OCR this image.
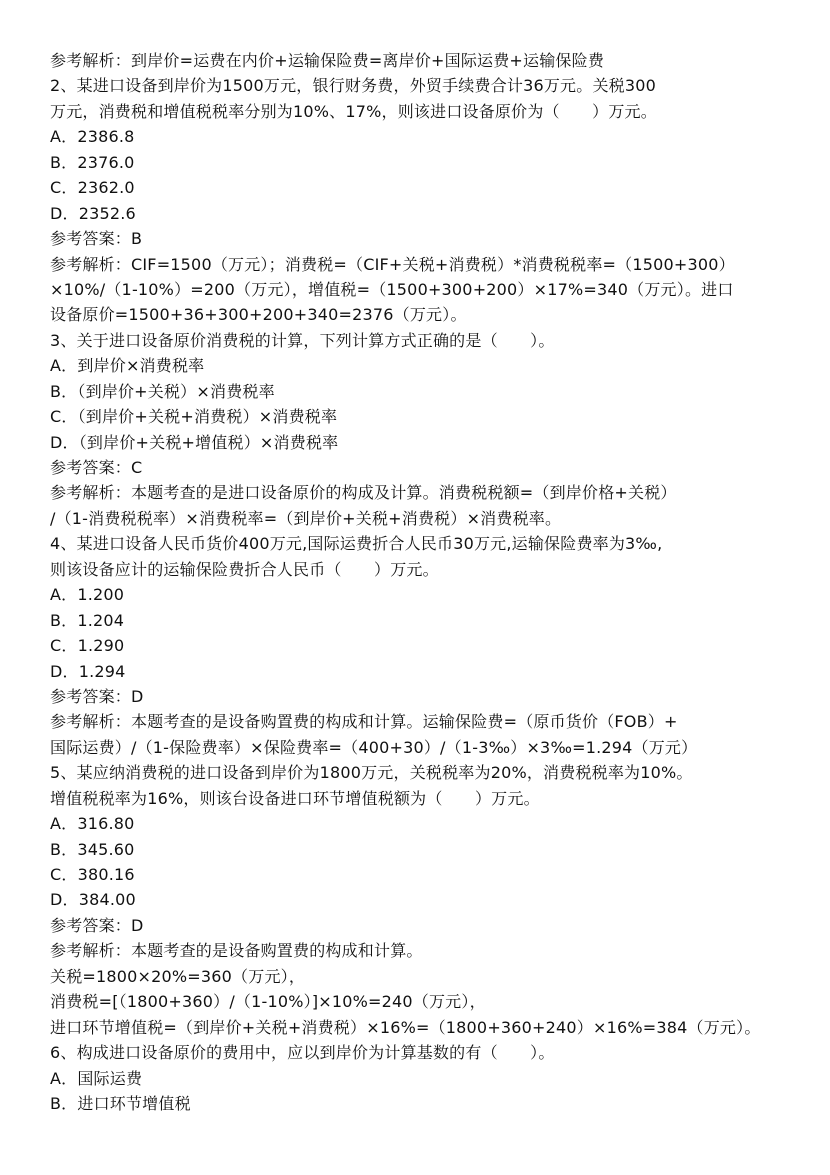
参考解析：到岸价=运费在内价+运输保险费=离岸价+国际运费+运输保险费
2、某进口设备到岸价为1500万元，银行财务费，外贸手续费合计36万元。关税300
万元，消费税和增值税税率分别为10%、17%，则该进口设备原价为（　　）万元。
A．2386.8
B．2376.0
C．2362.0
D．2352.6
参考答案：B
参考解析：CIF=1500（万元）；消费税=（CIF+关税+消费税）*消费税税率=（1500+300）
×10%/（1-10%）=200（万元），增值税=（1500+300+200）×17%=340（万元）。进口
设备原价=1500+36+300+200+340=2376（万元）。
3、关于进口设备原价消费税的计算，下列计算方式正确的是（　　）。
A．到岸价×消费税率
B．（到岸价+关税）×消费税率
C．（到岸价+关税+消费税）×消费税率
D．（到岸价+关税+增值税）×消费税率
参考答案：C
参考解析：本题考查的是进口设备原价的构成及计算。消费税税额=（到岸价格+关税）
/（1-消费税税率）×消费税率=（到岸价+关税+消费税）×消费税率。
4、某进口设备人民币货价400万元,国际运费折合人民币30万元,运输保险费率为3‰,
则该设备应计的运输保险费折合人民币（　　）万元。
A．1.200
B．1.204
C．1.290
D．1.294
参考答案：D
参考解析：本题考查的是设备购置费的构成和计算。运输保险费=（原币货价（FOB）+
国际运费）/（1-保险费率）×保险费率=（400+30）/（1-3‰）×3‰=1.294（万元）
5、某应纳消费税的进口设备到岸价为1800万元，关税税率为20%，消费税税率为10%。
增值税税率为16%，则该台设备进口环节增值税额为（　　）万元。
A．316.80
B．345.60
C．380.16
D．384.00
参考答案：D
参考解析：本题考查的是设备购置费的构成和计算。
关税=1800×20%=360（万元），
消费税=[（1800+360）/（1-10%）]×10%=240（万元），
进口环节增值税=（到岸价+关税+消费税）×16%=（1800+360+240）×16%=384（万元）。
6、构成进口设备原价的费用中，应以到岸价为计算基数的有（　　）。
A．国际运费
B．进口环节增值税
